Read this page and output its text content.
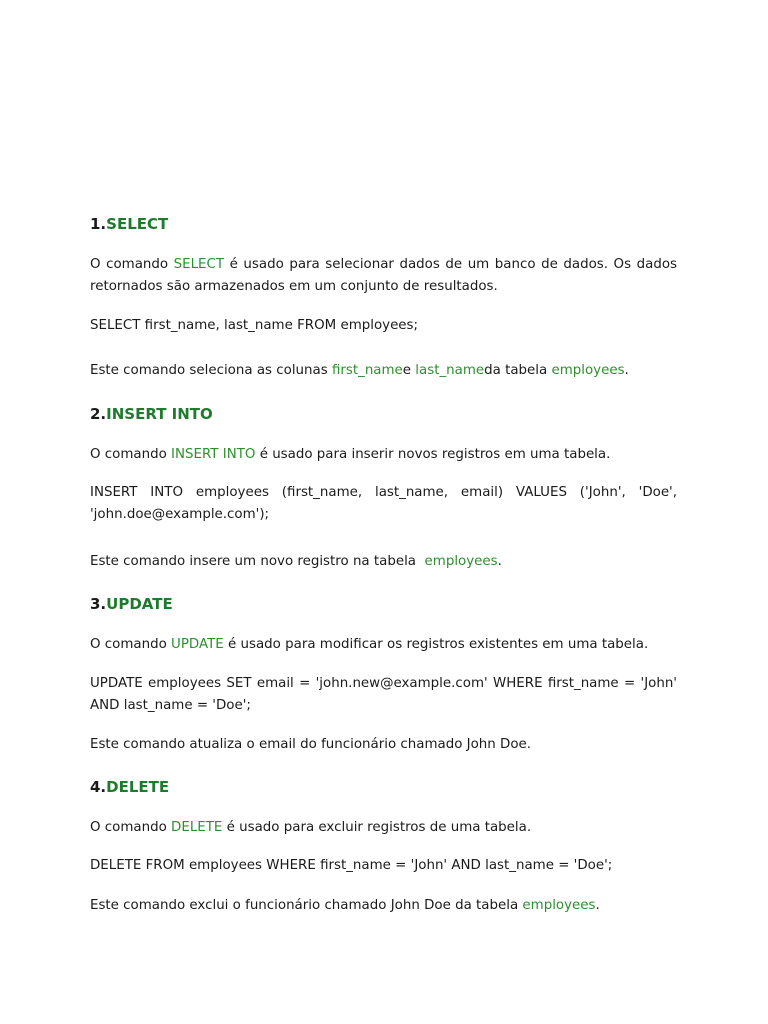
1.SELECT

O comando SELECT é usado para selecionar dados de um banco de dados. Os dados retornados são armazenados em um conjunto de resultados.

SELECT first_name, last_name FROM employees;

Este comando seleciona as colunas first_namee last_nameda tabela employees.

2.INSERT INTO

O comando INSERT INTO é usado para inserir novos registros em uma tabela.

INSERT INTO employees (first_name, last_name, email) VALUES ('John', 'Doe',
'john.doe@example.com');

Este comando insere um novo registro na tabela  employees.

3.UPDATE

O comando UPDATE é usado para modificar os registros existentes em uma tabela.

UPDATE employees SET email = 'john.new@example.com' WHERE first_name = 'John'
AND last_name = 'Doe';

Este comando atualiza o email do funcionário chamado John Doe.

4.DELETE

O comando DELETE é usado para excluir registros de uma tabela.

DELETE FROM employees WHERE first_name = 'John' AND last_name = 'Doe';

Este comando exclui o funcionário chamado John Doe da tabela employees.
